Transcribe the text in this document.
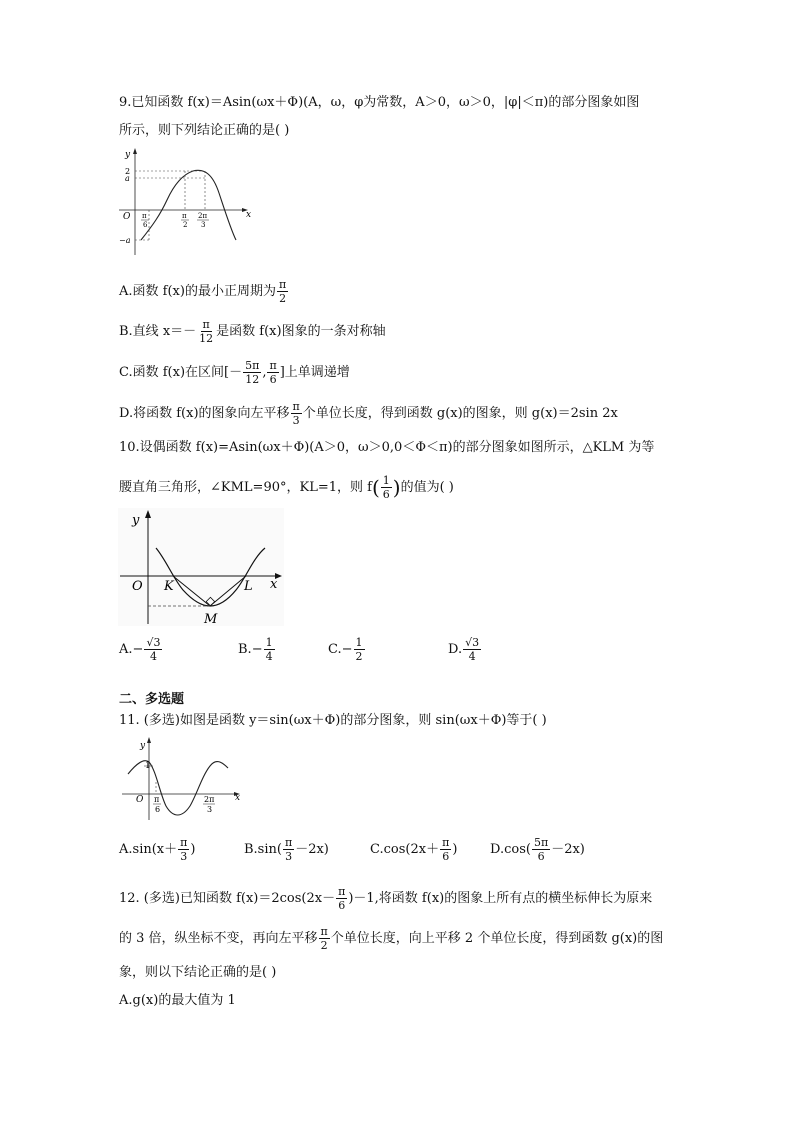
9.已知函数 f(x)＝Asin(ωx＋Φ)(A，ω，φ为常数，A＞0，ω＞0，|φ|＜π)的部分图象如图
所示，则下列结论正确的是( )
y
x
O
2
a
−a
π
6
π
2
2π
3
A.函数 f(x)的最小正周期为 $\frac{\pi}{2}$
B.直线 $x=- \frac{\pi}{12}$ 是函数 f(x)图象的一条对称轴
C.函数 f(x)在区间[－ $\frac{5\pi}{12}$ , $\frac{\pi}{6}$ ]上单调递增
D.将函数 f(x)的图象向左平移 $\frac{\pi}{3}$ 个单位长度，得到函数 g(x)的图象，则 g(x)＝2sin 2x
10.设偶函数 f(x)=Asin(ωx＋Φ)(A＞0，ω＞0,0＜Φ＜π)的部分图象如图所示，△KLM 为等
腰直角三角形，∠KML=90°，KL=1，则 $f( \frac{1}{6}$ )的值为( )
O
y
x
K	L
M
$A.- \frac{√3}{4}$	$B.- \frac{1}{4}$	$C.- \frac{1}{2}$	D. $\frac{√3}{4}$
二、多选题
11. (多选)如图是函数 y＝sin(ωx＋Φ)的部分图象，则 sin(ωx＋Φ)等于( )
y
x
O
1
π
6
2π
3
$A.\sin(x+ \frac{\pi}{3}$ )	$B.\sin( \frac{\pi}{3} -2x)$	$C.\cos(2x+ \frac{\pi}{6}$ )	$D.\cos( \frac{5\pi}{6} -2x)$
12. (多选)已知函数 $f(x)=2\cos(2x- \frac{\pi}{6} )-1$,将函数 f(x)的图象上所有点的横坐标伸长为原来
的 3 倍，纵坐标不变，再向左平移 $\frac{\pi}{2}$ 个单位长度，向上平移 2 个单位长度，得到函数 g(x)的图
象，则以下结论正确的是( )
A.g(x)的最大值为 1
